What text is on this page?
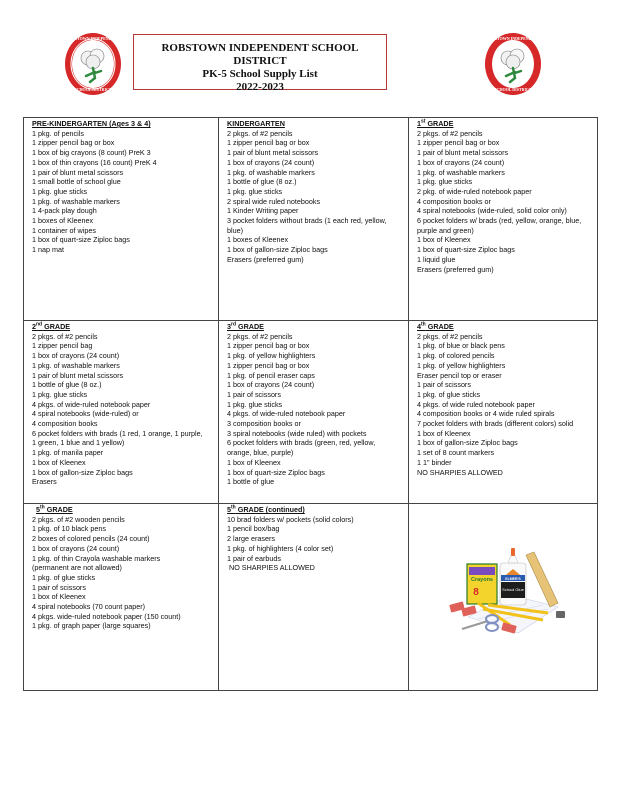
ROBSTOWN INDEPENDENT
SCHOOL DISTRICT
ROBSTOWN INDEPENDENT SCHOOL DISTRICT
PK-5 School Supply List
2022-2023
ROBSTOWN INDEPENDENT
SCHOOL DISTRICT
PRE-KINDERGARTEN (Ages 3 & 4)
1 pkg. of pencils
1 zipper pencil bag or box
1 box of big crayons (8 count) PreK 3
1 box of thin crayons (16 count) PreK 4
1 pair of blunt metal scissors
1 small bottle of school glue
1 pkg. glue sticks
1 pkg. of washable markers
1 4-pack play dough
1 boxes of Kleenex
1 container of wipes
1 box of quart-size Ziploc bags
1 nap mat
KINDERGARTEN
2 pkgs. of #2 pencils
1 zipper pencil bag or box
1 pair of blunt metal scissors
1 box of crayons (24 count)
1 pkg. of washable markers
1 bottle of glue (8 oz.)
1 pkg. glue sticks
2 spiral wide ruled notebooks
1 Kinder Writing paper
3 pocket folders without brads (1 each red, yellow, blue)
1 boxes of Kleenex
1 box of gallon-size Ziploc bags
Erasers (preferred gum)
1st GRADE
2 pkgs. of #2 pencils
1 zipper pencil bag or box
1 pair of blunt metal scissors
1 box of crayons (24 count)
1 pkg. of washable markers
1 pkg. glue sticks
2 pkg. of wide-ruled notebook paper
4 composition books or
4 spiral notebooks (wide-ruled, solid color only)
6 pocket folders w/ brads (red, yellow, orange, blue, purple and green)
1 box of Kleenex
1 box of quart-size Ziploc bags
1 liquid glue
Erasers (preferred gum)
2nd GRADE
2 pkgs. of #2 pencils
1 zipper pencil bag
1 box of crayons (24 count)
1 pkg. of washable markers
1 pair of blunt metal scissors
1 bottle of glue (8 oz.)
1 pkg. glue sticks
4 pkgs. of wide-ruled notebook paper
4 spiral notebooks (wide-ruled) or
4 composition books
6 pocket folders with brads (1 red, 1 orange, 1 purple, 1 green, 1 blue and 1 yellow)
1 pkg. of manila paper
1 box of Kleenex
1 box of gallon-size Ziploc bags
Erasers
3rd GRADE
2 pkgs. of #2 pencils
1 zipper pencil bag or box
1 pkg. of yellow highlighters
1 zipper pencil bag or box
1 pkg. of pencil eraser caps
1 box of crayons (24 count)
1 pair of scissors
1 pkg. glue sticks
4 pkgs. of wide-ruled notebook paper
3 composition books or
3 spiral notebooks (wide ruled) with pockets
6 pocket folders with brads (green, red, yellow, orange, blue, purple)
1 box of Kleenex
1 box of quart-size Ziploc bags
1 bottle of glue
4th GRADE
2 pkgs. of #2 pencils
1 pkg. of blue or black pens
1 pkg. of colored pencils
1 pkg. of yellow highlighters
Eraser pencil top or eraser
1 pair of scissors
1 pkg. of glue sticks
4 pkgs. of wide ruled notebook paper
4 composition books or 4 wide ruled spirals
7 pocket folders with brads (different colors) solid
1 box of Kleenex
1 box of gallon-size Ziploc bags
1 set of 8 count markers
1 1" binder
NO SHARPIES ALLOWED
5th GRADE
2 pkgs. of #2 wooden pencils
1 pkg. of 10 black pens
2 boxes of colored pencils (24 count)
1 box of crayons (24 count)
1 pkg. of thin Crayola washable markers
(permanent are not allowed)
1 pkg. of glue sticks
1 pair of scissors
1 box of Kleenex
4 spiral notebooks (70 count paper)
4 pkgs. wide-ruled notebook paper (150 count)
1 pkg. of graph paper (large squares)
5th GRADE (continued)
10 brad folders w/ pockets (solid colors)
1 pencil box/bag
2 large erasers
1 pkg. of highlighters (4 color set)
1 pair of earbuds
NO SHARPIES ALLOWED
Crayons
8
ELMER'S
School Glue
